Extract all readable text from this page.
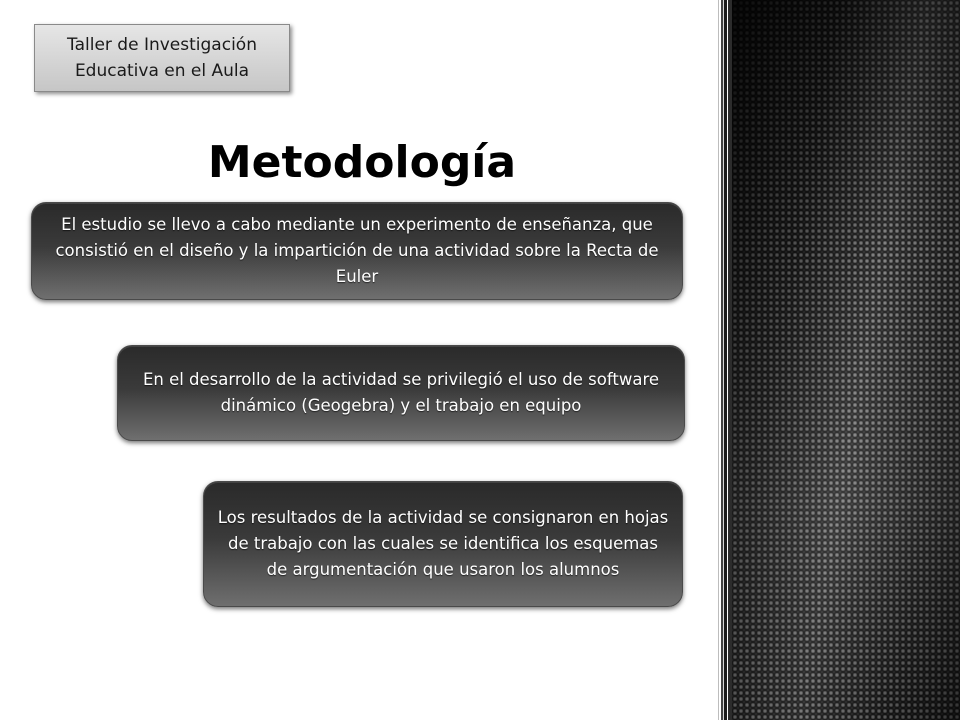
Taller de Investigación Educativa en el Aula
Metodología
El estudio se llevo a cabo mediante un experimento de enseñanza, que consistió en el diseño y la impartición de una actividad sobre la Recta de Euler
En el desarrollo de la actividad se privilegió el uso de software dinámico (Geogebra) y el trabajo en equipo
Los resultados de la actividad se consignaron en hojas de trabajo con las cuales se identifica los esquemas de argumentación que usaron los alumnos
